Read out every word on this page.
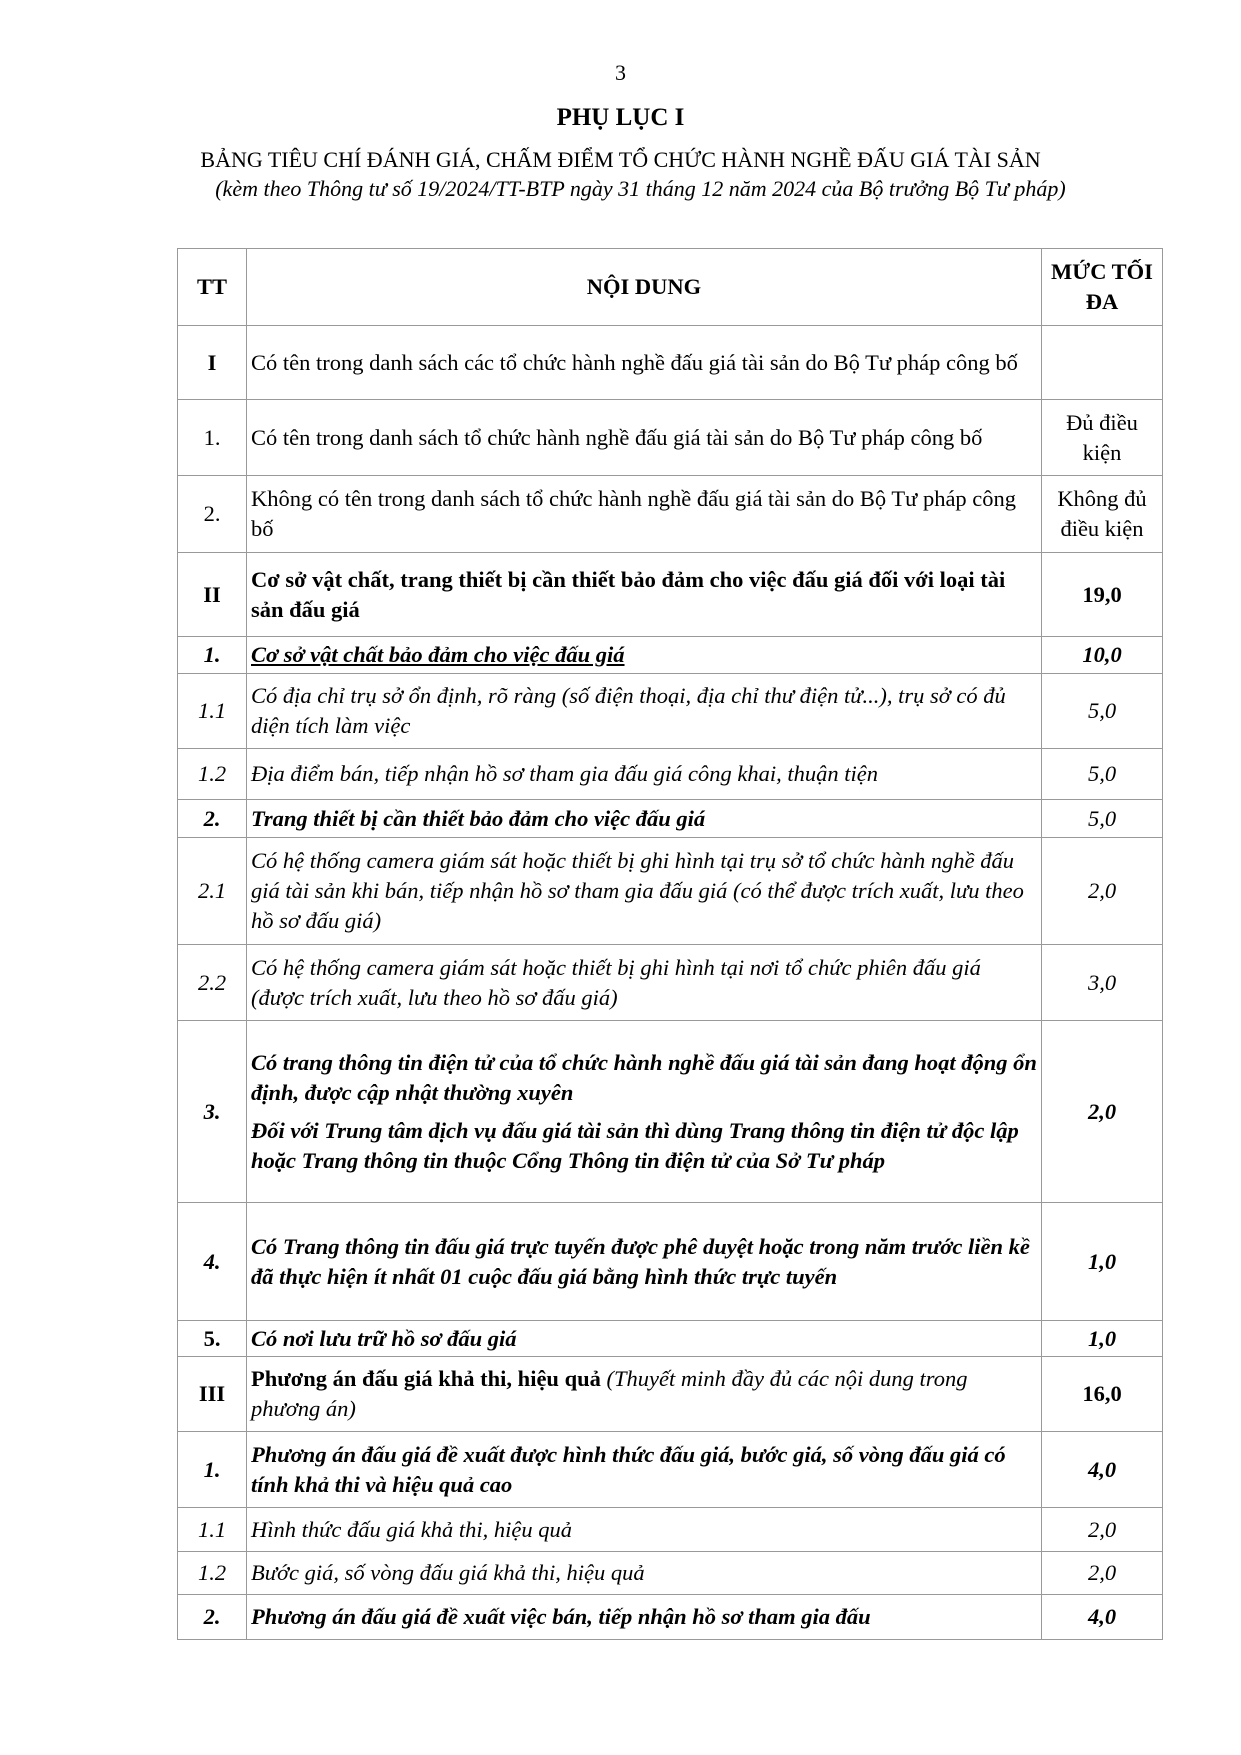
3
PHỤ LỤC I
BẢNG TIÊU CHÍ ĐÁNH GIÁ, CHẤM ĐIỂM TỔ CHỨC HÀNH NGHỀ ĐẤU GIÁ TÀI SẢN
(kèm theo Thông tư số 19/2024/TT-BTP ngày 31 tháng 12 năm 2024 của Bộ trưởng Bộ Tư pháp)
TT	NỘI DUNG	MỨC TỐI ĐA
I	Có tên trong danh sách các tổ chức hành nghề đấu giá tài sản do Bộ Tư pháp công bố	
1.	Có tên trong danh sách tổ chức hành nghề đấu giá tài sản do Bộ Tư pháp công bố	Đủ điều kiện
2.	Không có tên trong danh sách tổ chức hành nghề đấu giá tài sản do Bộ Tư pháp công bố	Không đủ điều kiện
II	Cơ sở vật chất, trang thiết bị cần thiết bảo đảm cho việc đấu giá đối với loại tài sản đấu giá	19,0
1.	Cơ sở vật chất bảo đảm cho việc đấu giá	10,0
1.1	Có địa chỉ trụ sở ổn định, rõ ràng (số điện thoại, địa chỉ thư điện tử...), trụ sở có đủ diện tích làm việc	5,0
1.2	Địa điểm bán, tiếp nhận hồ sơ tham gia đấu giá công khai, thuận tiện	5,0
2.	Trang thiết bị cần thiết bảo đảm cho việc đấu giá	5,0
2.1	Có hệ thống camera giám sát hoặc thiết bị ghi hình tại trụ sở tổ chức hành nghề đấu giá tài sản khi bán, tiếp nhận hồ sơ tham gia đấu giá (có thể được trích xuất, lưu theo hồ sơ đấu giá)	2,0
2.2	Có hệ thống camera giám sát hoặc thiết bị ghi hình tại nơi tổ chức phiên đấu giá (được trích xuất, lưu theo hồ sơ đấu giá)	3,0
3.	Có trang thông tin điện tử của tổ chức hành nghề đấu giá tài sản đang hoạt động ổn định, được cập nhật thường xuyên

Đối với Trung tâm dịch vụ đấu giá tài sản thì dùng Trang thông tin điện tử độc lập hoặc Trang thông tin thuộc Cổng Thông tin điện tử của Sở Tư pháp	2,0
4.	Có Trang thông tin đấu giá trực tuyến được phê duyệt hoặc trong năm trước liền kề đã thực hiện ít nhất 01 cuộc đấu giá bằng hình thức trực tuyến	1,0
5.	Có nơi lưu trữ hồ sơ đấu giá	1,0
III	Phương án đấu giá khả thi, hiệu quả (Thuyết minh đầy đủ các nội dung trong phương án)	16,0
1.	Phương án đấu giá đề xuất được hình thức đấu giá, bước giá, số vòng đấu giá có tính khả thi và hiệu quả cao	4,0
1.1	Hình thức đấu giá khả thi, hiệu quả	2,0
1.2	Bước giá, số vòng đấu giá khả thi, hiệu quả	2,0
2.	Phương án đấu giá đề xuất việc bán, tiếp nhận hồ sơ tham gia đấu	4,0
